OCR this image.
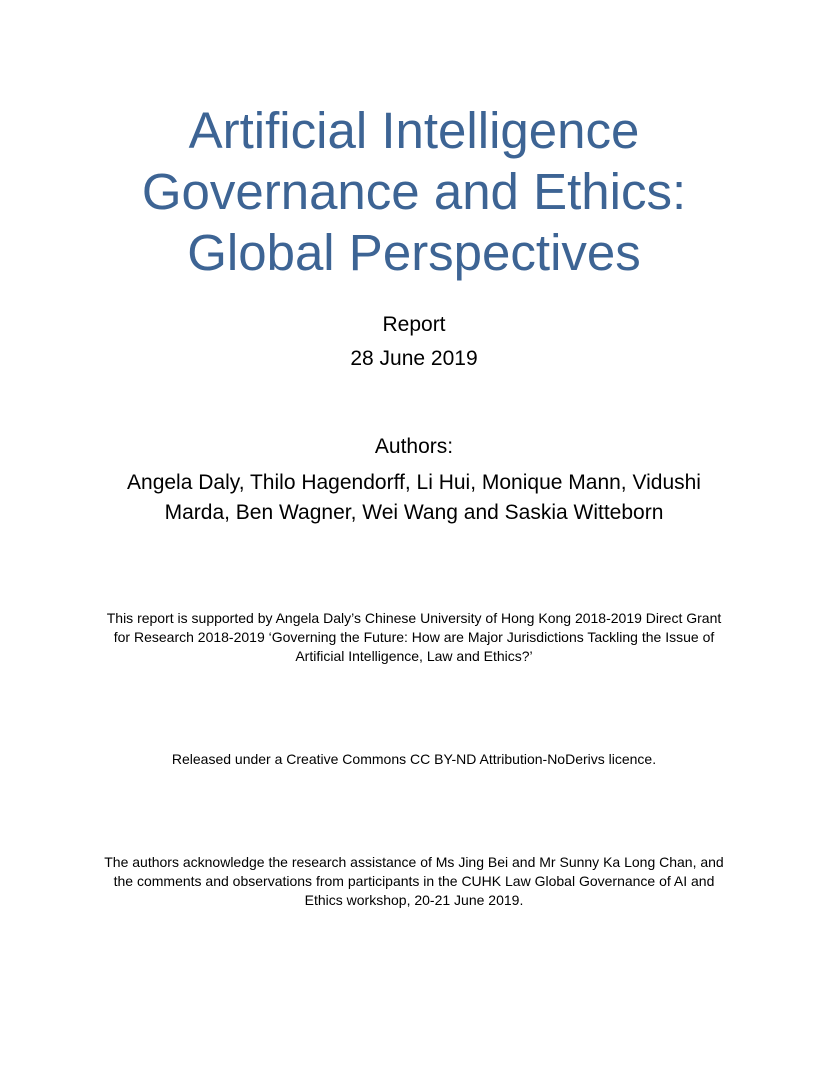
Artificial Intelligence
Governance and Ethics:
Global Perspectives
Report
28 June 2019
Authors:
Angela Daly, Thilo Hagendorff, Li Hui, Monique Mann, Vidushi
Marda, Ben Wagner, Wei Wang and Saskia Witteborn
This report is supported by Angela Daly’s Chinese University of Hong Kong 2018-2019 Direct Grant
for Research 2018-2019 ‘Governing the Future: How are Major Jurisdictions Tackling the Issue of
Artificial Intelligence, Law and Ethics?’
Released under a Creative Commons CC BY-ND Attribution-NoDerivs licence.
The authors acknowledge the research assistance of Ms Jing Bei and Mr Sunny Ka Long Chan, and
the comments and observations from participants in the CUHK Law Global Governance of AI and
Ethics workshop, 20-21 June 2019.
